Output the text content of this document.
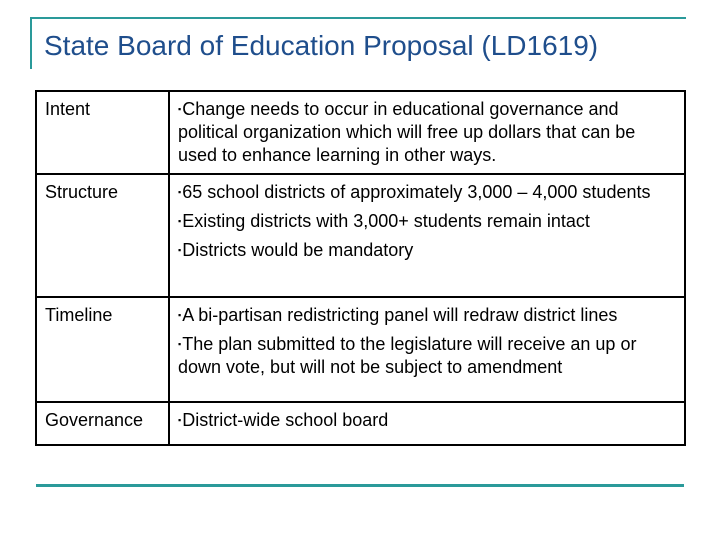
State Board of Education Proposal (LD1619)
Intent	▪Change needs to occur in educational governance and political organization which will free up dollars that can be used to enhance learning in other ways.

Structure	▪65 school districts of approximately 3,000 – 4,000 students
▪Existing districts with 3,000+ students remain intact
▪Districts would be mandatory

Timeline	▪A bi-partisan redistricting panel will redraw district lines
▪The plan submitted to the legislature will receive an up or down vote, but will not be subject to amendment

Governance	▪District-wide school board
